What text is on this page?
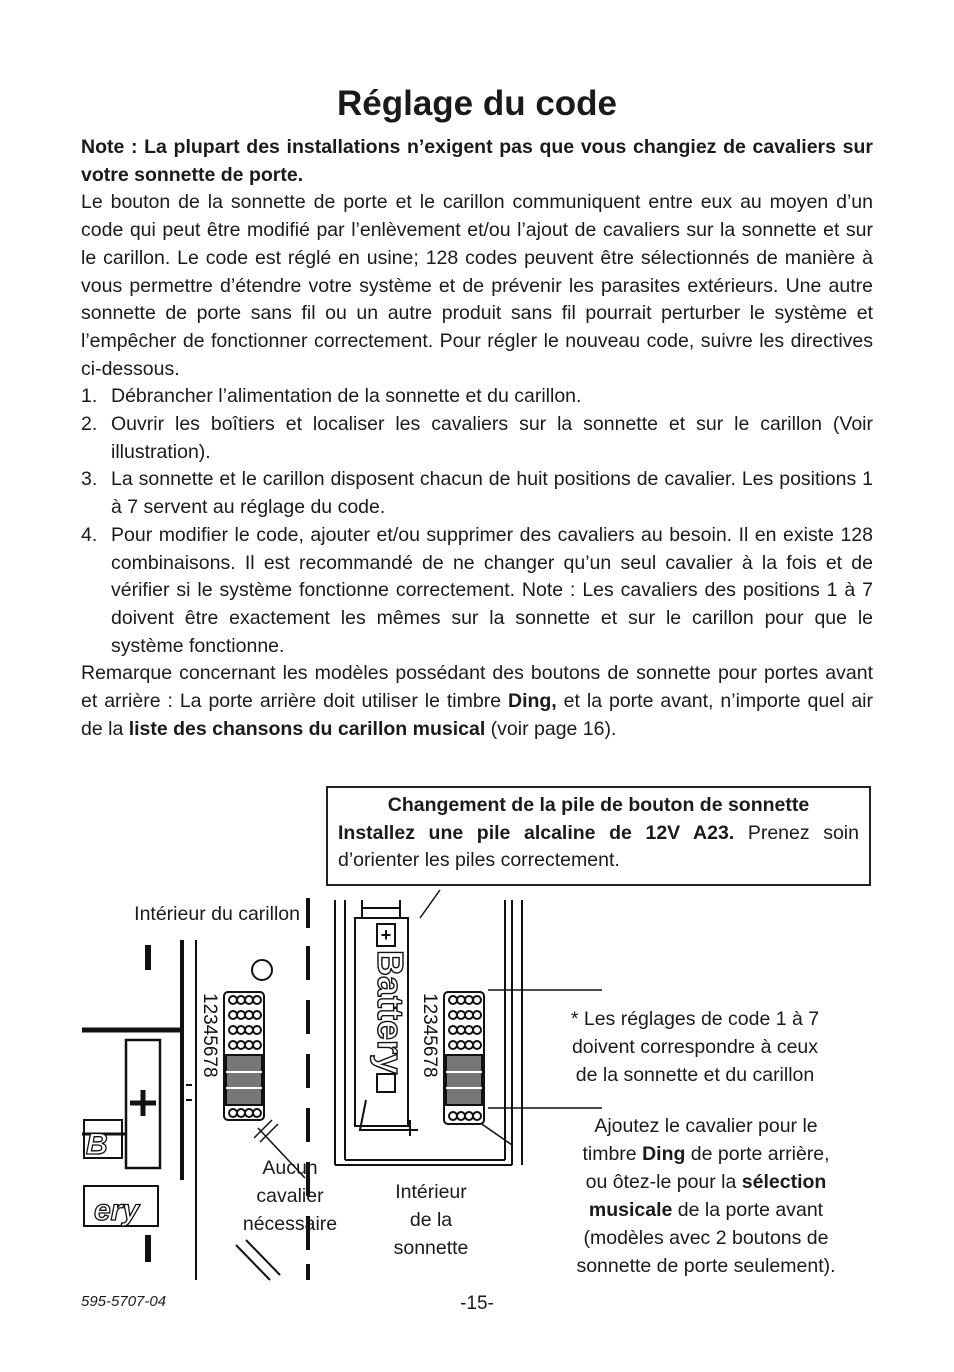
Réglage du code

Note : La plupart des installations n’exigent pas que vous changiez de cavaliers sur votre sonnette de porte.

Le bouton de la sonnette de porte et le carillon communiquent entre eux au moyen d’un code qui peut être modifié par l’enlèvement et/ou l’ajout de cavaliers sur la sonnette et sur le carillon. Le code est réglé en usine; 128 codes peuvent être sélectionnés de manière à vous permettre d’étendre votre système et de prévenir les parasites extérieurs. Une autre sonnette de porte sans fil ou un autre produit sans fil pourrait perturber le système et l’empêcher de fonctionner correctement. Pour régler le nouveau code, suivre les directives ci-dessous.

1. Débrancher l’alimentation de la sonnette et du carillon.
2. Ouvrir les boîtiers et localiser les cavaliers sur la sonnette et sur le carillon (Voir illustration).
3. La sonnette et le carillon disposent chacun de huit positions de cavalier. Les positions 1 à 7 servent au réglage du code.
4. Pour modifier le code, ajouter et/ou supprimer des cavaliers au besoin. Il en existe 128 combinaisons. Il est recommandé de ne changer qu’un seul cavalier à la fois et de vérifier si le système fonctionne correctement. Note : Les cavaliers des positions 1 à 7 doivent être exactement les mêmes sur la sonnette et sur le carillon pour que le système fonctionne.

Remarque concernant les modèles possédant des boutons de sonnette pour portes avant et arrière : La porte arrière doit utiliser le timbre Ding, et la porte avant, n’importe quel air de la liste des chansons du carillon musical (voir page 16).

Changement de la pile de bouton de sonnette
Installez une pile alcaline de 12V A23. Prenez soin d’orienter les piles correctement.
B
ery
12345678
+
Battery 12345678
Intérieur du carillon
Aucun
cavalier
nécessaire
Intérieur
de la
sonnette
* Les réglages de code 1 à 7
doivent correspondre à ceux
de la sonnette et du carillon
Ajoutez le cavalier pour le
timbre Ding de porte arrière,
ou ôtez-le pour la sélection
musicale de la porte avant
(modèles avec 2 boutons de
sonnette de porte seulement).
595-5707-04	-15-
